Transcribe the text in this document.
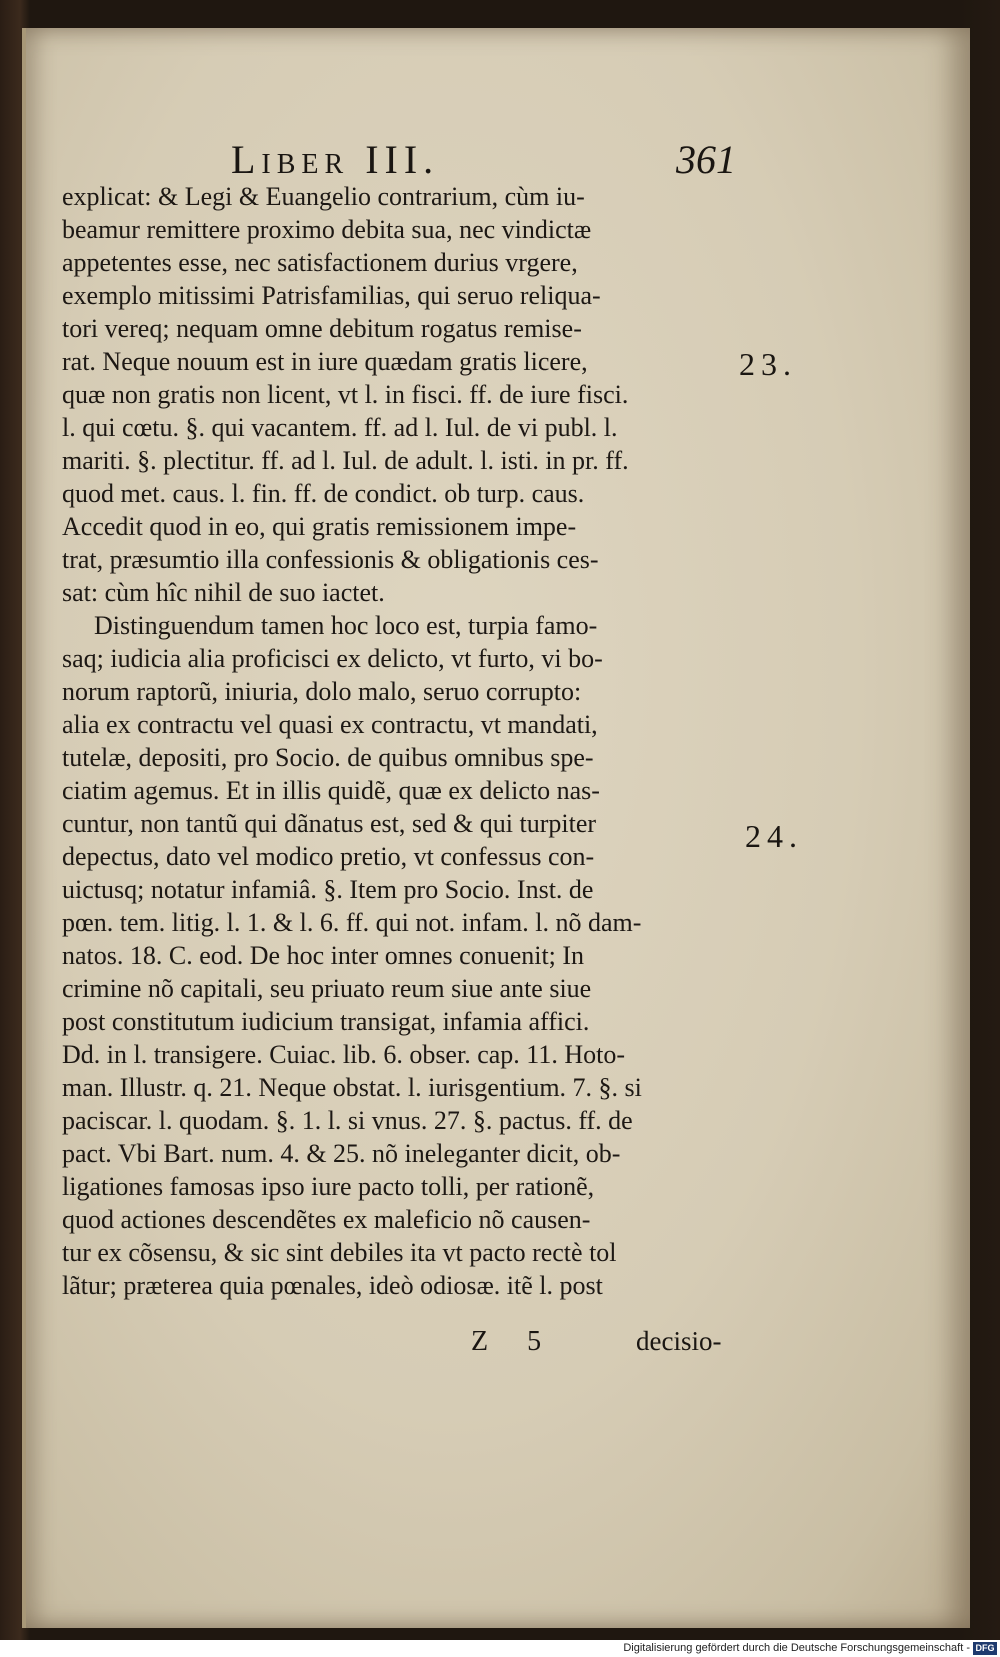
Liber III.	361
explicat: & Legi & Euangelio contrarium, cùm iu-
beamur remittere proximo debita sua, nec vindictæ
appetentes esse, nec satisfactionem durius vrgere,
exemplo mitissimi Patrisfamilias, qui seruo reliqua-
tori vereq; nequam omne debitum rogatus remise-
rat. Neque nouum est in iure quædam gratis licere,
quæ non gratis non licent, vt l. in fisci. ff. de iure fisci.
l. qui cœtu. §. qui vacantem. ff. ad l. Iul. de vi publ. l.
mariti. §. plectitur. ff. ad l. Iul. de adult. l. isti. in pr. ff.
quod met. caus. l. fin. ff. de condict. ob turp. caus.
Accedit quod in eo, qui gratis remissionem impe-
trat, præsumtio illa confessionis & obligationis ces-
sat: cùm hîc nihil de suo iactet.
Distinguendum tamen hoc loco est, turpia famo-
saq; iudicia alia proficisci ex delicto, vt furto, vi bo-
norum raptorũ, iniuria, dolo malo, seruo corrupto:
alia ex contractu vel quasi ex contractu, vt mandati,
tutelæ, depositi, pro Socio. de quibus omnibus spe-
ciatim agemus. Et in illis quidẽ, quæ ex delicto nas-
cuntur, non tantũ qui dãnatus est, sed & qui turpiter
depectus, dato vel modico pretio, vt confessus con-
uictusq; notatur infamiâ. §. Item pro Socio. Inst. de
pœn. tem. litig. l. 1. & l. 6. ff. qui not. infam. l. nõ dam-
natos. 18. C. eod. De hoc inter omnes conuenit; In
crimine nõ capitali, seu priuato reum siue ante siue
post constitutum iudicium transigat, infamia affici.
Dd. in l. transigere. Cuiac. lib. 6. obser. cap. 11. Hoto-
man. Illustr. q. 21. Neque obstat. l. iurisgentium. 7. §. si
paciscar. l. quodam. §. 1. l. si vnus. 27. §. pactus. ff. de
pact. Vbi Bart. num. 4. & 25. nõ ineleganter dicit, ob-
ligationes famosas ipso iure pacto tolli, per rationẽ,
quod actiones descendẽtes ex maleficio nõ causen-
tur ex cõsensu, & sic sint debiles ita vt pacto rectè tol
lãtur; præterea quia pœnales, ideò odiosæ. itẽ l. post
23.
24.
Z 5	decisio-
Digitalisierung gefördert durch die Deutsche Forschungsgemeinschaft - DFG
